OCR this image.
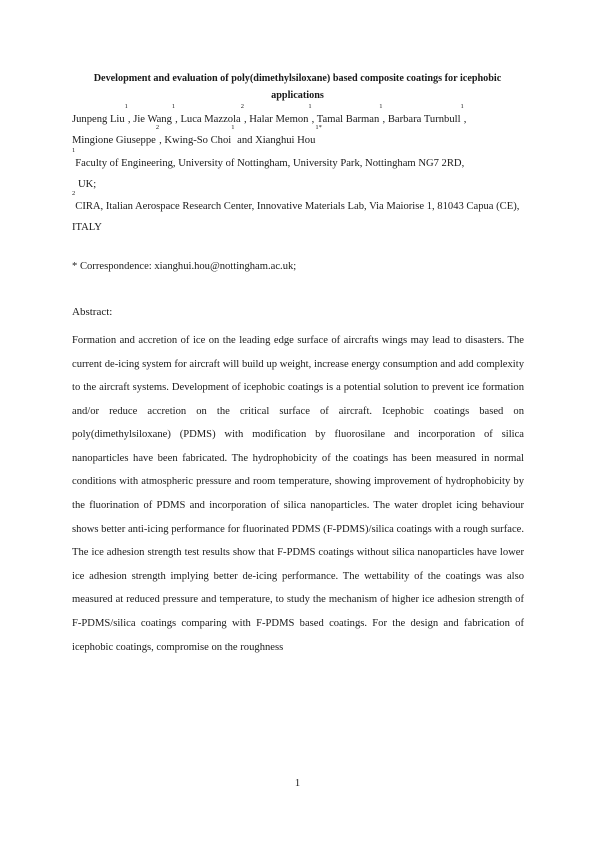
Development and evaluation of poly(dimethylsiloxane) based composite coatings for icephobic applications
Junpeng Liu$^1$, Jie Wang$^1$, Luca Mazzola$^2$, Halar Memon$^1$, Tamal Barman$^1$, Barbara Turnbull$^1$,
Mingione Giuseppe$^2$, Kwing-So Choi$^1$ and Xianghui Hou$^{1*}$
$^1$Faculty of Engineering, University of Nottingham, University Park, Nottingham NG7 2RD,
UK;
$^2$CIRA, Italian Aerospace Research Center, Innovative Materials Lab, Via Maiorise 1, 81043 Capua (CE), ITALY
* Correspondence: xianghui.hou@nottingham.ac.uk;
Abstract:
Formation and accretion of ice on the leading edge surface of aircrafts wings may lead to disasters. The current de-icing system for aircraft will build up weight, increase energy consumption and add complexity to the aircraft systems. Development of icephobic coatings is a potential solution to prevent ice formation and/or reduce accretion on the critical surface of aircraft. Icephobic coatings based on poly(dimethylsiloxane) (PDMS) with modification by fluorosilane and incorporation of silica nanoparticles have been fabricated. The hydrophobicity of the coatings has been measured in normal conditions with atmospheric pressure and room temperature, showing improvement of hydrophobicity by the fluorination of PDMS and incorporation of silica nanoparticles. The water droplet icing behaviour shows better anti-icing performance for fluorinated PDMS (F-PDMS)/silica coatings with a rough surface. The ice adhesion strength test results show that F-PDMS coatings without silica nanoparticles have lower ice adhesion strength implying better de-icing performance. The wettability of the coatings was also measured at reduced pressure and temperature, to study the mechanism of higher ice adhesion strength of F-PDMS/silica coatings comparing with F-PDMS based coatings. For the design and fabrication of icephobic coatings, compromise on the roughness
1
